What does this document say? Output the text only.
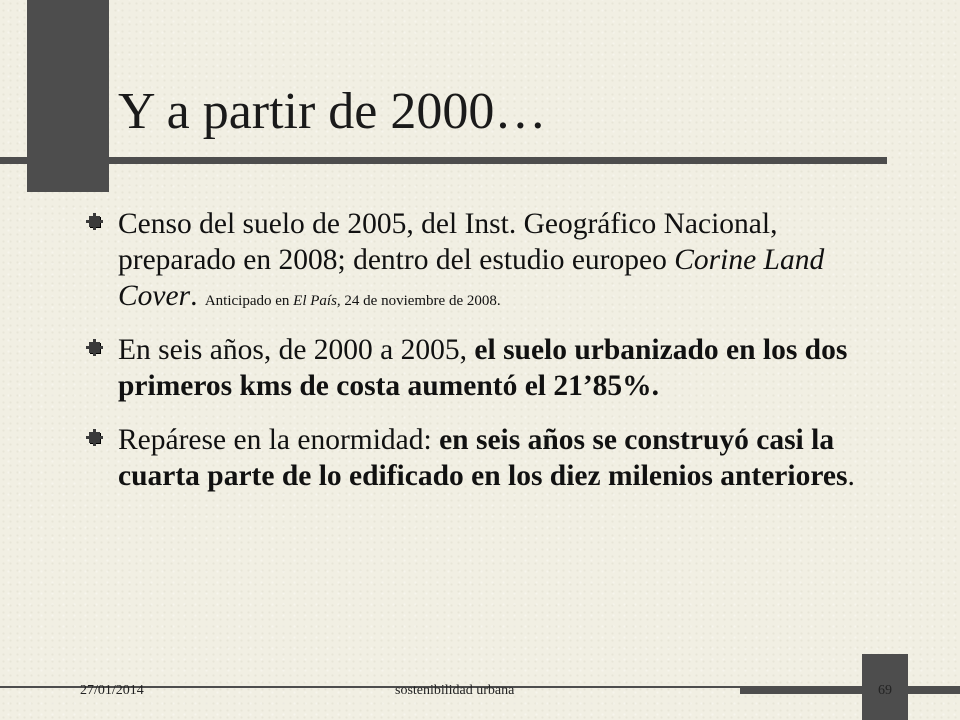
Y a partir de 2000…
Censo del suelo de 2005, del Inst. Geográfico Nacional, preparado en 2008; dentro del estudio europeo Corine Land Cover. Anticipado en El País, 24 de noviembre de 2008.
En seis años, de 2000 a 2005, el suelo urbanizado en los dos primeros kms de costa aumentó el 21’85%.
Repárese en la enormidad: en seis años se construyó casi la cuarta parte de lo edificado en los diez milenios anteriores.
27/01/2014	sostenibilidad urbana	69
